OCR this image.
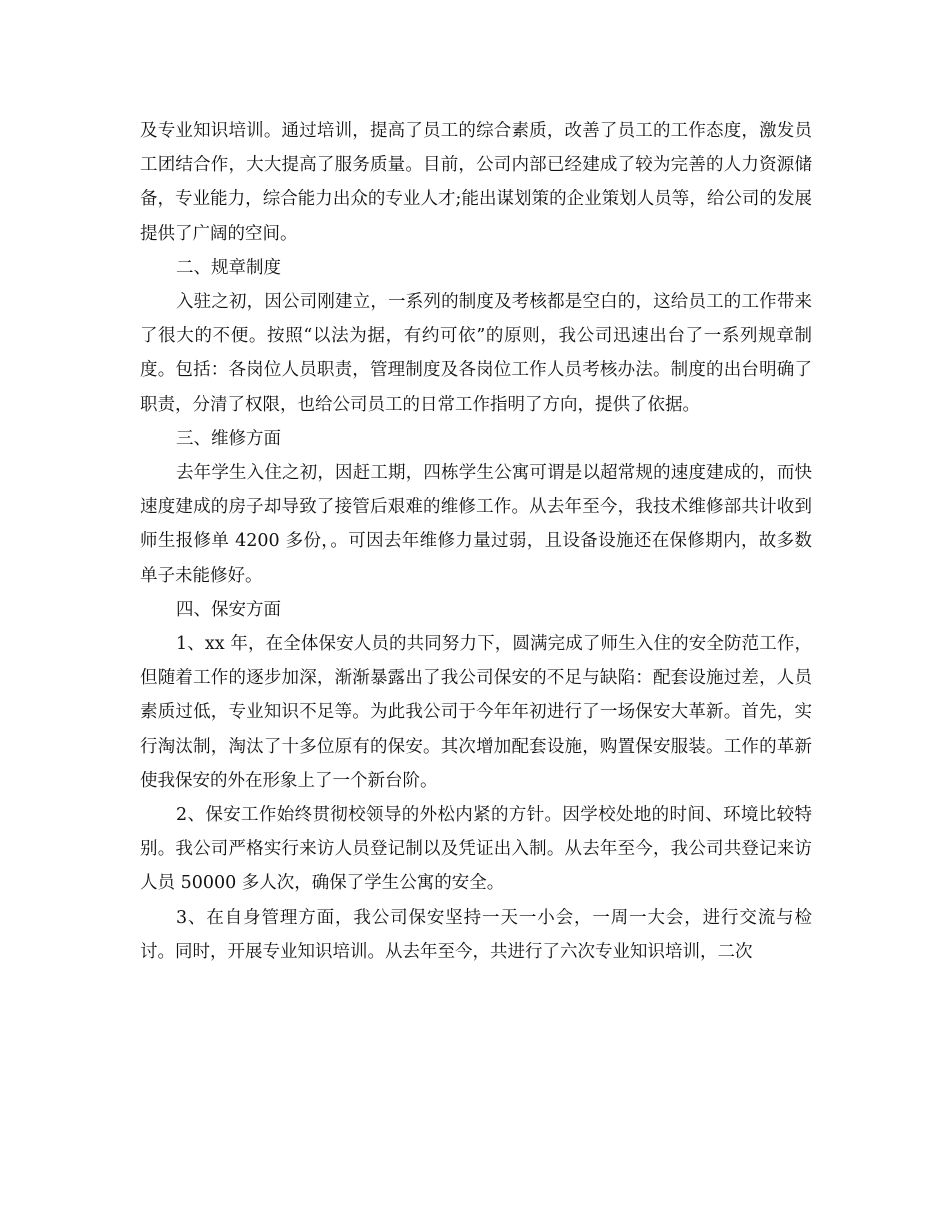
及专业知识培训。通过培训，提高了员工的综合素质，改善了员工的工作态度，激发员工团结合作，大大提高了服务质量。目前，公司内部已经建成了较为完善的人力资源储备，专业能力，综合能力出众的专业人才;能出谋划策的企业策划人员等，给公司的发展提供了广阔的空间。

二、规章制度

入驻之初，因公司刚建立，一系列的制度及考核都是空白的，这给员工的工作带来了很大的不便。按照“以法为据，有约可依”的原则，我公司迅速出台了一系列规章制度。包括：各岗位人员职责，管理制度及各岗位工作人员考核办法。制度的出台明确了职责，分清了权限，也给公司员工的日常工作指明了方向，提供了依据。

三、维修方面

去年学生入住之初，因赶工期，四栋学生公寓可谓是以超常规的速度建成的，而快速度建成的房子却导致了接管后艰难的维修工作。从去年至今，我技术维修部共计收到师生报修单 4200 多份，。可因去年维修力量过弱，且设备设施还在保修期内，故多数单子未能修好。

四、保安方面

1、xx 年，在全体保安人员的共同努力下，圆满完成了师生入住的安全防范工作，但随着工作的逐步加深，渐渐暴露出了我公司保安的不足与缺陷：配套设施过差，人员素质过低，专业知识不足等。为此我公司于今年年初进行了一场保安大革新。首先，实行淘汰制，淘汰了十多位原有的保安。其次增加配套设施，购置保安服装。工作的革新使我保安的外在形象上了一个新台阶。

2、保安工作始终贯彻校领导的外松内紧的方针。因学校处地的时间、环境比较特别。我公司严格实行来访人员登记制以及凭证出入制。从去年至今，我公司共登记来访人员 50000 多人次，确保了学生公寓的安全。

3、在自身管理方面，我公司保安坚持一天一小会，一周一大会，进行交流与检讨。同时，开展专业知识培训。从去年至今，共进行了六次专业知识培训，二次
